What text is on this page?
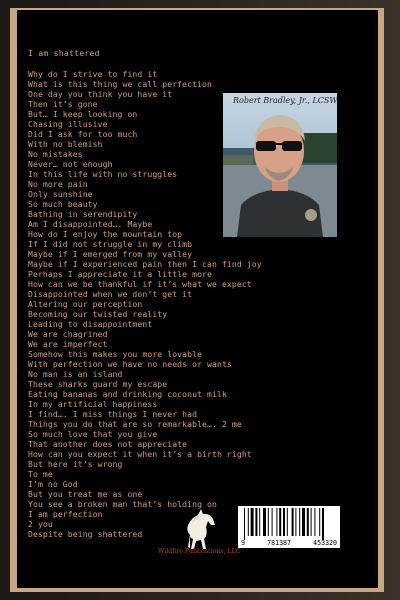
I am shattered
Why do I strive to find it
What is this thing we call perfection
One day you think you have it
Then it’s gone
But… I keep looking on
Chasing illusive
Did I ask for too much
With no blemish
No mistakes
Never… not enough
In this life with no struggles
No more pain
Only sunshine
So much beauty
Bathing in serendipity
Am I disappointed…. Maybe
How do I enjoy the mountain top
If I did not struggle in my climb
Maybe if I emerged from my valley
Maybe if I experienced pain then I can find joy
Perhaps I appreciate it a little more
How can we be thankful if it’s what we expect
Disappointed when we don’t get it
Altering our perception
Becoming our twisted reality
Leading to disappointment
We are chagrined
We are imperfect
Somehow this makes you more lovable
With perfection we have no needs or wants
No man is an island
These sharks guard my escape
Eating bananas and drinking coconut milk
In my artificial happiness
I find…. I miss things I never had
Things you do that are so remarkable…. 2 me
So much love that you give
That another does not appreciate
How can you expect it when it’s a birth right
But here it’s wrong
To me
I’m no God
But you treat me as one
You see a broken man that’s holding on
I am perfection
2 you
Despite being shattered
Robert Bradley, Jr., LCSW
Wildfire Publications, LLC
9	781387	453320
